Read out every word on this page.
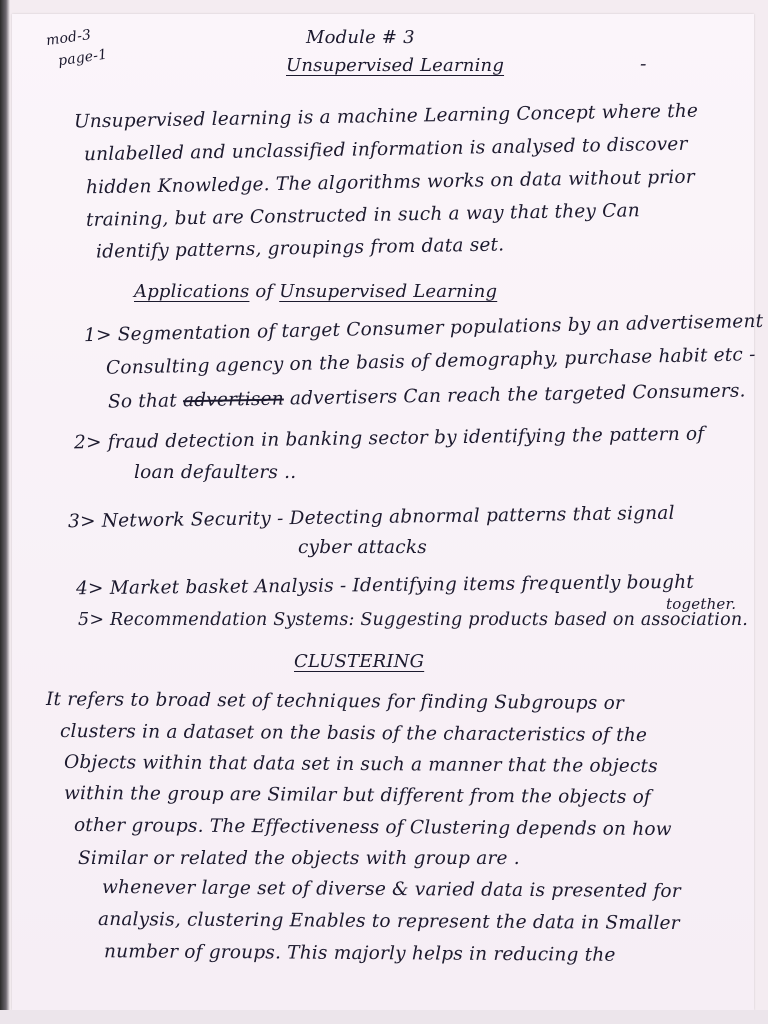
mod-3

page-1

Module # 3

Unsupervised Learning	-

Unsupervised learning is a machine Learning Concept where the

unlabelled and unclassified information is analysed to discover

hidden Knowledge. The algorithms works on data without prior

training, but are Constructed in such a way that they Can

identify patterns, groupings from data set.

Applications of Unsupervised Learning

1> Segmentation of target Consumer populations by an advertisement

Consulting agency on the basis of demography, purchase habit etc -

So that advertisen advertisers Can reach the targeted Consumers.

2> fraud detection in banking sector by identifying the pattern of

loan defaulters ..

3> Network Security - Detecting abnormal patterns that signal

cyber attacks

4> Market basket Analysis - Identifying items frequently bought

together.

5> Recommendation Systems: Suggesting products based on association.

CLUSTERING

It refers to broad set of techniques for finding Subgroups or

clusters in a dataset on the basis of the characteristics of the

Objects within that data set in such a manner that the objects

within the group are Similar but different from the objects of

other groups. The Effectiveness of Clustering depends on how

Similar or related the objects with group are .

whenever large set of diverse & varied data is presented for

analysis, clustering Enables to represent the data in Smaller

number of groups. This majorly helps in reducing the
